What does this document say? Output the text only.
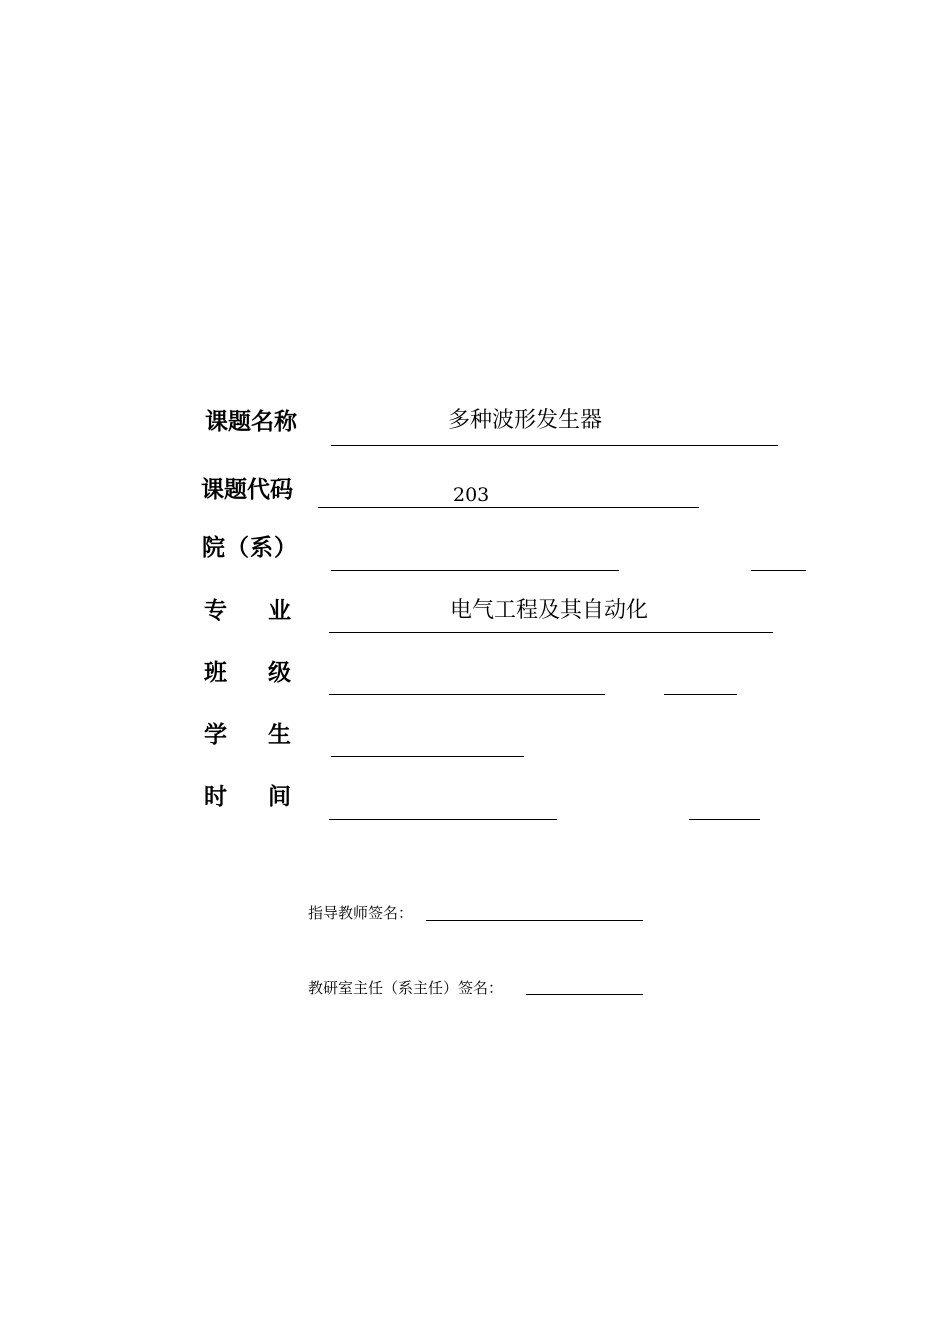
课题名称	多种波形发生器
课题代码	203
院（系）
专 业	电气工程及其自动化
班 级
学 生
时 间
指导教师签名：
教研室主任（系主任）签名：
